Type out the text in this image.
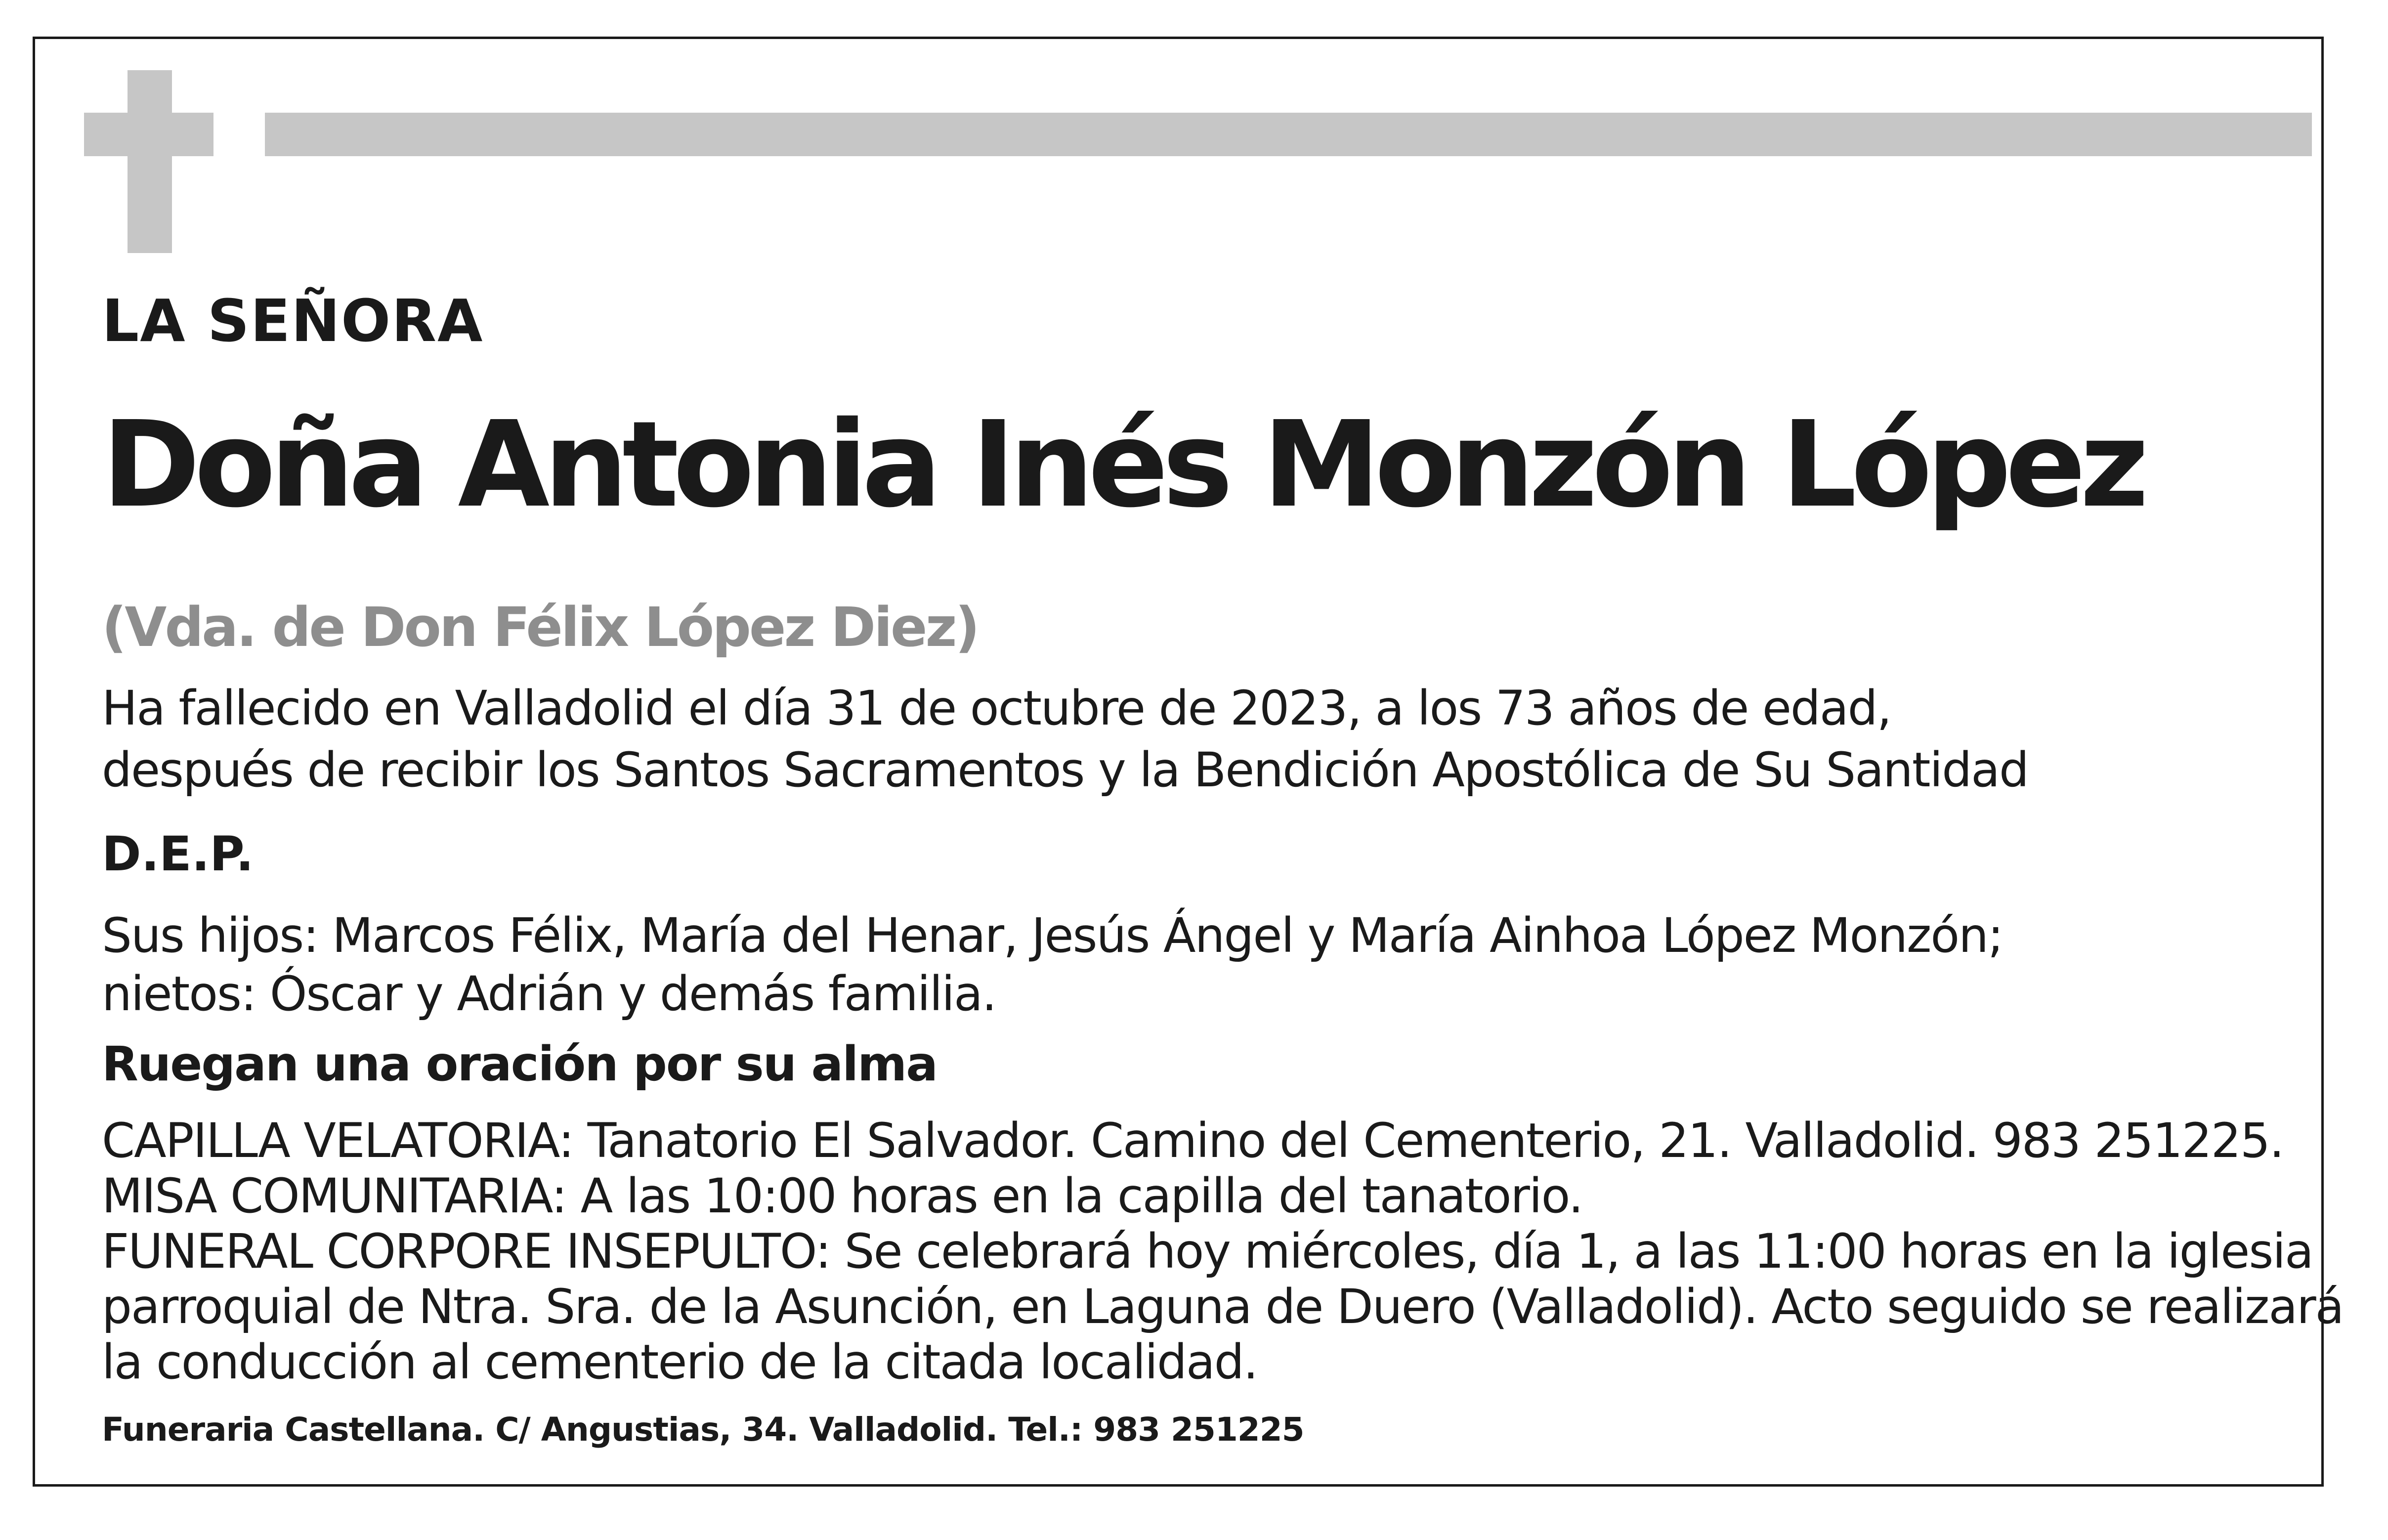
LA SEÑORA
Doña Antonia Inés Monzón López
(Vda. de Don Félix López Diez)
Ha fallecido en Valladolid el día 31 de octubre de 2023, a los 73 años de edad,
después de recibir los Santos Sacramentos y la Bendición Apostólica de Su Santidad
D.E.P.
Sus hijos: Marcos Félix, María del Henar, Jesús Ángel y María Ainhoa López Monzón;
nietos: Óscar y Adrián y demás familia.
Ruegan una oración por su alma
CAPILLA VELATORIA: Tanatorio El Salvador. Camino del Cementerio, 21. Valladolid. 983 251225.
MISA COMUNITARIA: A las 10:00 horas en la capilla del tanatorio.
FUNERAL CORPORE INSEPULTO: Se celebrará hoy miércoles, día 1, a las 11:00 horas en la iglesia
parroquial de Ntra. Sra. de la Asunción, en Laguna de Duero (Valladolid). Acto seguido se realizará
la conducción al cementerio de la citada localidad.
Funeraria Castellana. C/ Angustias, 34. Valladolid. Tel.: 983 251225
